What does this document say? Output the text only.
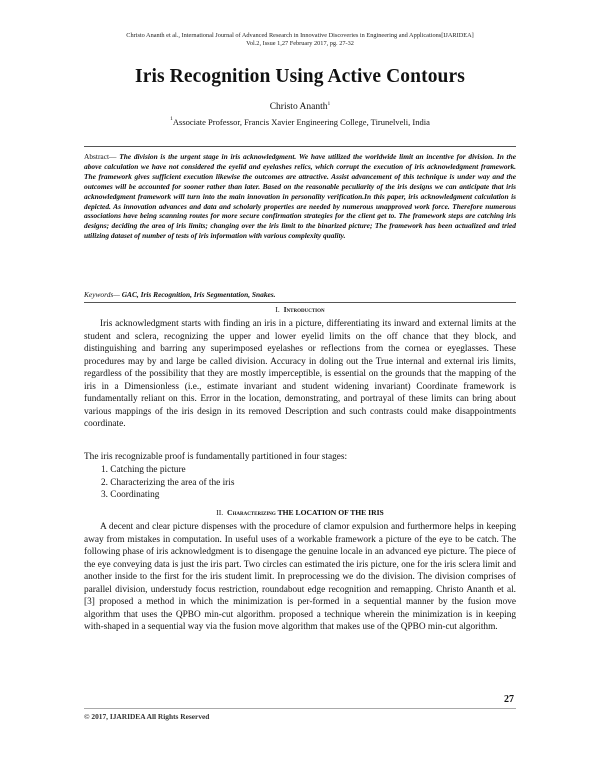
Christo Ananth et al., International Journal of Advanced Research in Innovative Discoveries in Engineering and Applications[IJARIDEA]
Vol.2, Issue 1,27 February 2017, pg. 27-32
Iris Recognition Using Active Contours
Christo Ananth$^1$
$^1$Associate Professor, Francis Xavier Engineering College, Tirunelveli, India
Abstract— The division is the urgent stage in iris acknowledgment. We have utilized the worldwide limit an incentive for division. In the above calculation we have not considered the eyelid and eyelashes relics, which corrupt the execution of iris acknowledgment framework. The framework gives sufficient execution likewise the outcomes are attractive. Assist advancement of this technique is under way and the outcomes will be accounted for sooner rather than later. Based on the reasonable peculiarity of the iris designs we can anticipate that iris acknowledgment framework will turn into the main innovation in personality verification.In this paper, iris acknowledgment calculation is depicted. As innovation advances and data and scholarly properties are needed by numerous unapproved work force. Therefore numerous associations have being scanning routes for more secure confirmation strategies for the client get to. The framework steps are catching iris designs; deciding the area of iris limits; changing over the iris limit to the binarized picture; The framework has been actualized and tried utilizing dataset of number of tests of iris information with various complexity quality.
Keywords— GAC, Iris Recognition, Iris Segmentation, Snakes.
I. Introduction

Iris acknowledgment starts with finding an iris in a picture, differentiating its inward and external limits at the student and sclera, recognizing the upper and lower eyelid limits on the off chance that they block, and distinguishing and barring any superimposed eyelashes or reflections from the cornea or eyeglasses. These procedures may by and large be called division. Accuracy in doling out the True internal and external iris limits, regardless of the possibility that they are mostly imperceptible, is essential on the grounds that the mapping of the iris in a Dimensionless (i.e., estimate invariant and student widening invariant) Coordinate framework is fundamentally reliant on this. Error in the location, demonstrating, and portrayal of these limits can bring about various mappings of the iris design in its removed Description and such contrasts could make disappointments coordinate.

The iris recognizable proof is fundamentally partitioned in four stages:

1. Catching the picture
2. Characterizing the area of the iris
3. Coordinating
II. Characterizing THE LOCATION OF THE IRIS

A decent and clear picture dispenses with the procedure of clamor expulsion and furthermore helps in keeping away from mistakes in computation. In useful uses of a workable framework a picture of the eye to be catch. The following phase of iris acknowledgment is to disengage the genuine locale in an advanced eye picture. The piece of the eye conveying data is just the iris part. Two circles can estimated the iris picture, one for the iris sclera limit and another inside to the first for the iris student limit. In preprocessing we do the division. The division comprises of parallel division, understudy focus restriction, roundabout edge recognition and remapping. Christo Ananth et al. [3] proposed a method in which the minimization is per-formed in a sequential manner by the fusion move algorithm that uses the QPBO min-cut algorithm. proposed a technique wherein the minimization is in keeping with-shaped in a sequential way via the fusion move algorithm that makes use of the QPBO min-cut algorithm.

27
© 2017, IJARIDEA All Rights Reserved
